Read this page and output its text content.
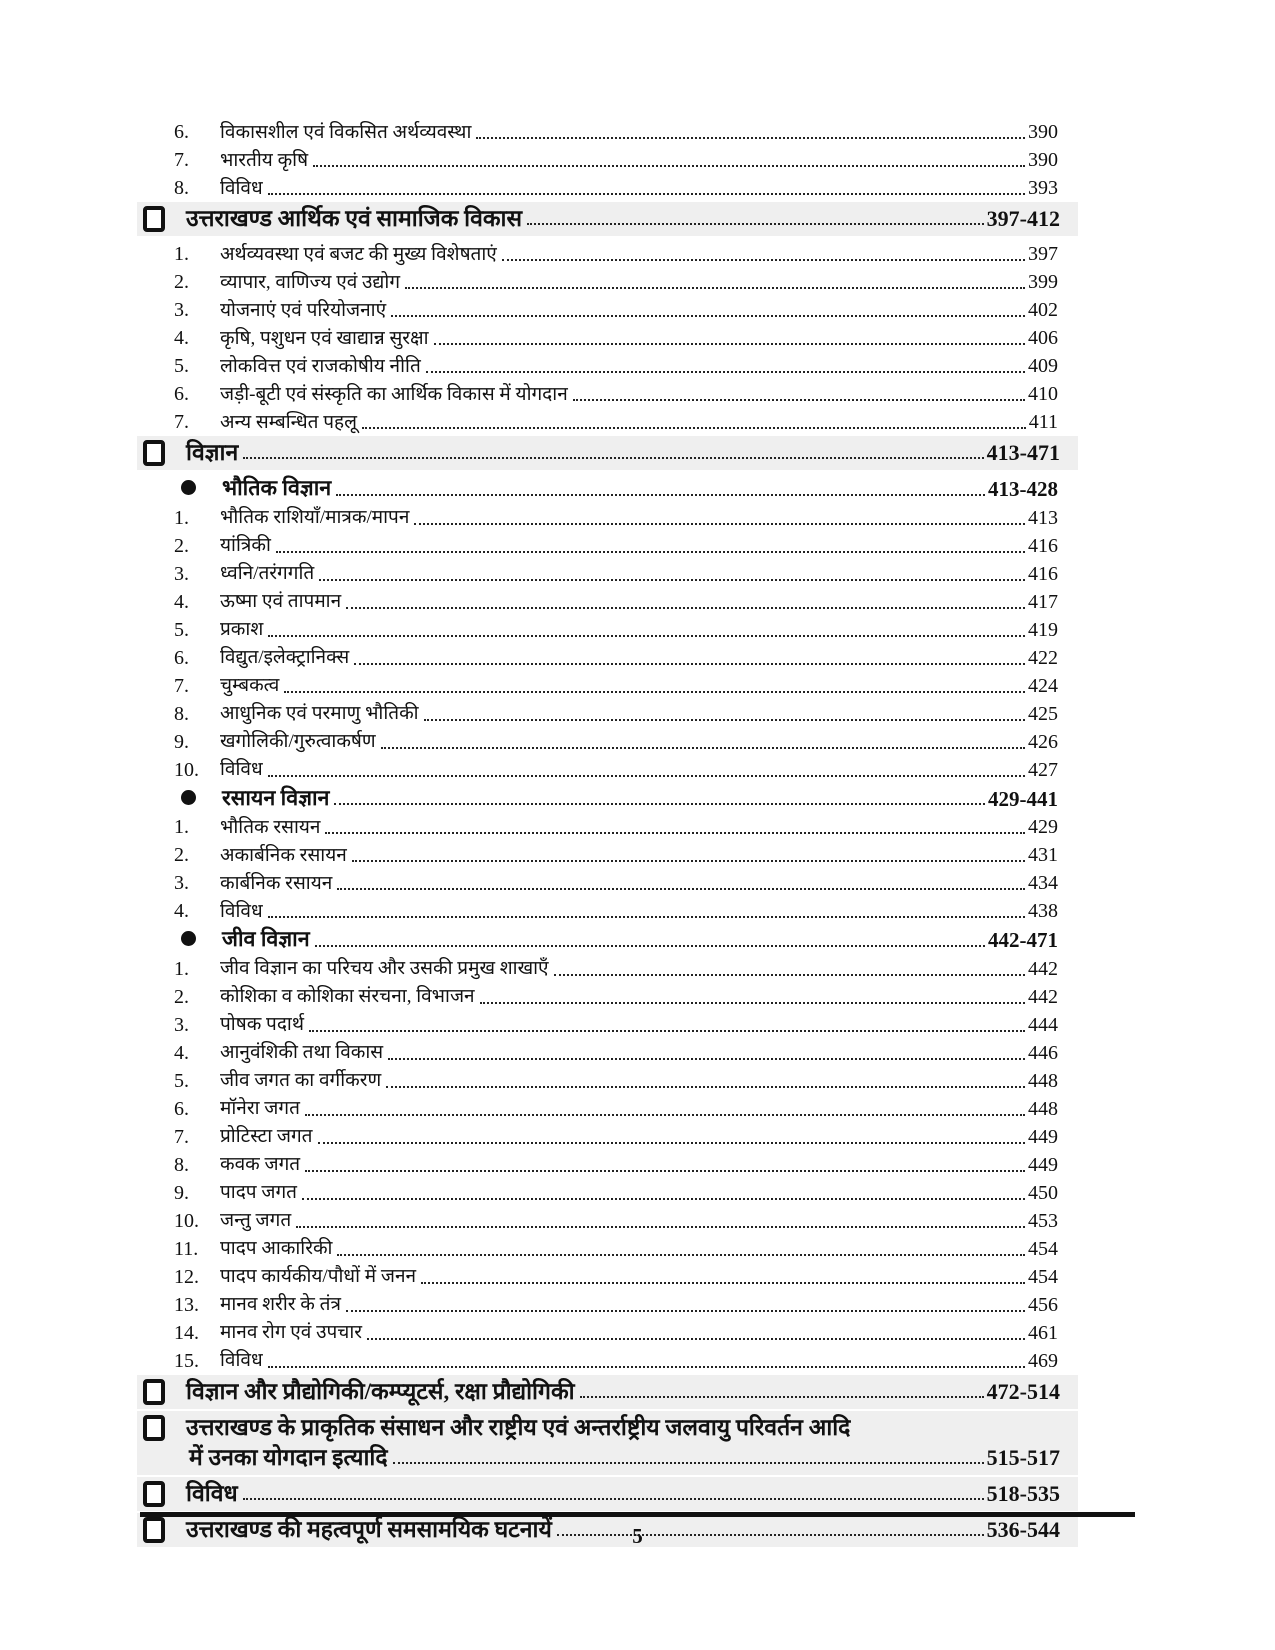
6.	विकासशील एवं विकसित अर्थव्यवस्था	390
7.	भारतीय कृषि	390
8.	विविध	393
उत्तराखण्ड आर्थिक एवं सामाजिक विकास	397-412
1.	अर्थव्यवस्था एवं बजट की मुख्य विशेषताएं	397
2.	व्यापार, वाणिज्य एवं उद्योग	399
3.	योजनाएं एवं परियोजनाएं	402
4.	कृषि, पशुधन एवं खाद्यान्न सुरक्षा	406
5.	लोकवित्त एवं राजकोषीय नीति	409
6.	जड़ी-बूटी एवं संस्कृति का आर्थिक विकास में योगदान	410
7.	अन्य सम्बन्धित पहलू	411
विज्ञान	413-471
भौतिक विज्ञान	413-428
1.	भौतिक राशियाँ/मात्रक/मापन	413
2.	यांत्रिकी	416
3.	ध्वनि/तरंगगति	416
4.	ऊष्मा एवं तापमान	417
5.	प्रकाश	419
6.	विद्युत/इलेक्ट्रानिक्स	422
7.	चुम्बकत्व	424
8.	आधुनिक एवं परमाणु भौतिकी	425
9.	खगोलिकी/गुरुत्वाकर्षण	426
10.	विविध	427
रसायन विज्ञान	429-441
1.	भौतिक रसायन	429
2.	अकार्बनिक रसायन	431
3.	कार्बनिक रसायन	434
4.	विविध	438
जीव विज्ञान	442-471
1.	जीव विज्ञान का परिचय और उसकी प्रमुख शाखाएँ	442
2.	कोशिका व कोशिका संरचना, विभाजन	442
3.	पोषक पदार्थ	444
4.	आनुवंशिकी तथा विकास	446
5.	जीव जगत का वर्गीकरण	448
6.	मॉनेरा जगत	448
7.	प्रोटिस्टा जगत	449
8.	कवक जगत	449
9.	पादप जगत	450
10.	जन्तु जगत	453
11.	पादप आकारिकी	454
12.	पादप कार्यकीय/पौधों में जनन	454
13.	मानव शरीर के तंत्र	456
14.	मानव रोग एवं उपचार	461
15.	विविध	469
विज्ञान और प्रौद्योगिकी/कम्प्यूटर्स, रक्षा प्रौद्योगिकी	472-514
उत्तराखण्ड के प्राकृतिक संसाधन और राष्ट्रीय एवं अन्तर्राष्ट्रीय जलवायु परिवर्तन आदि
में उनका योगदान इत्यादि	515-517
विविध	518-535
उत्तराखण्ड की महत्वपूर्ण समसामयिक घटनायें	536-544
5
